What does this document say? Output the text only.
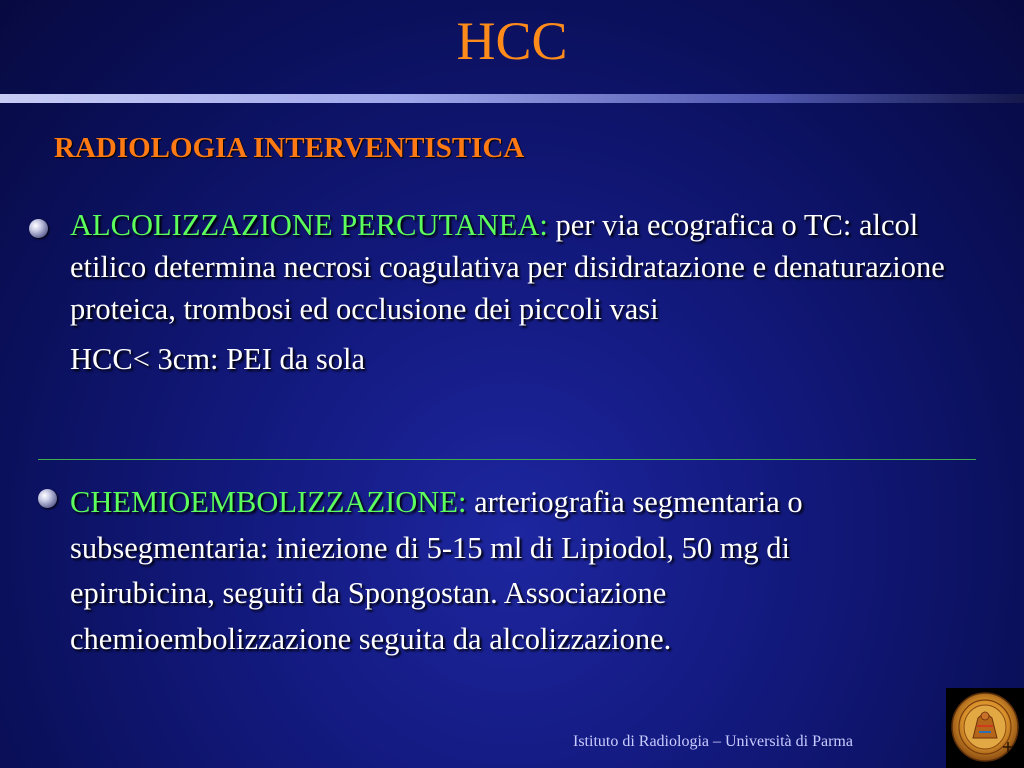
HCC
RADIOLOGIA INTERVENTISTICA
ALCOLIZZAZIONE PERCUTANEA: per via ecografica o TC: alcol etilico determina necrosi coagulativa per disidratazione e denaturazione proteica, trombosi ed occlusione dei piccoli vasi
HCC< 3cm: PEI da sola
CHEMIOEMBOLIZZAZIONE: arteriografia segmentaria o subsegmentaria: iniezione di 5-15 ml di Lipiodol, 50 mg di epirubicina, seguiti da Spongostan. Associazione chemioembolizzazione seguita da alcolizzazione.
Istituto di Radiologia – Università di Parma
